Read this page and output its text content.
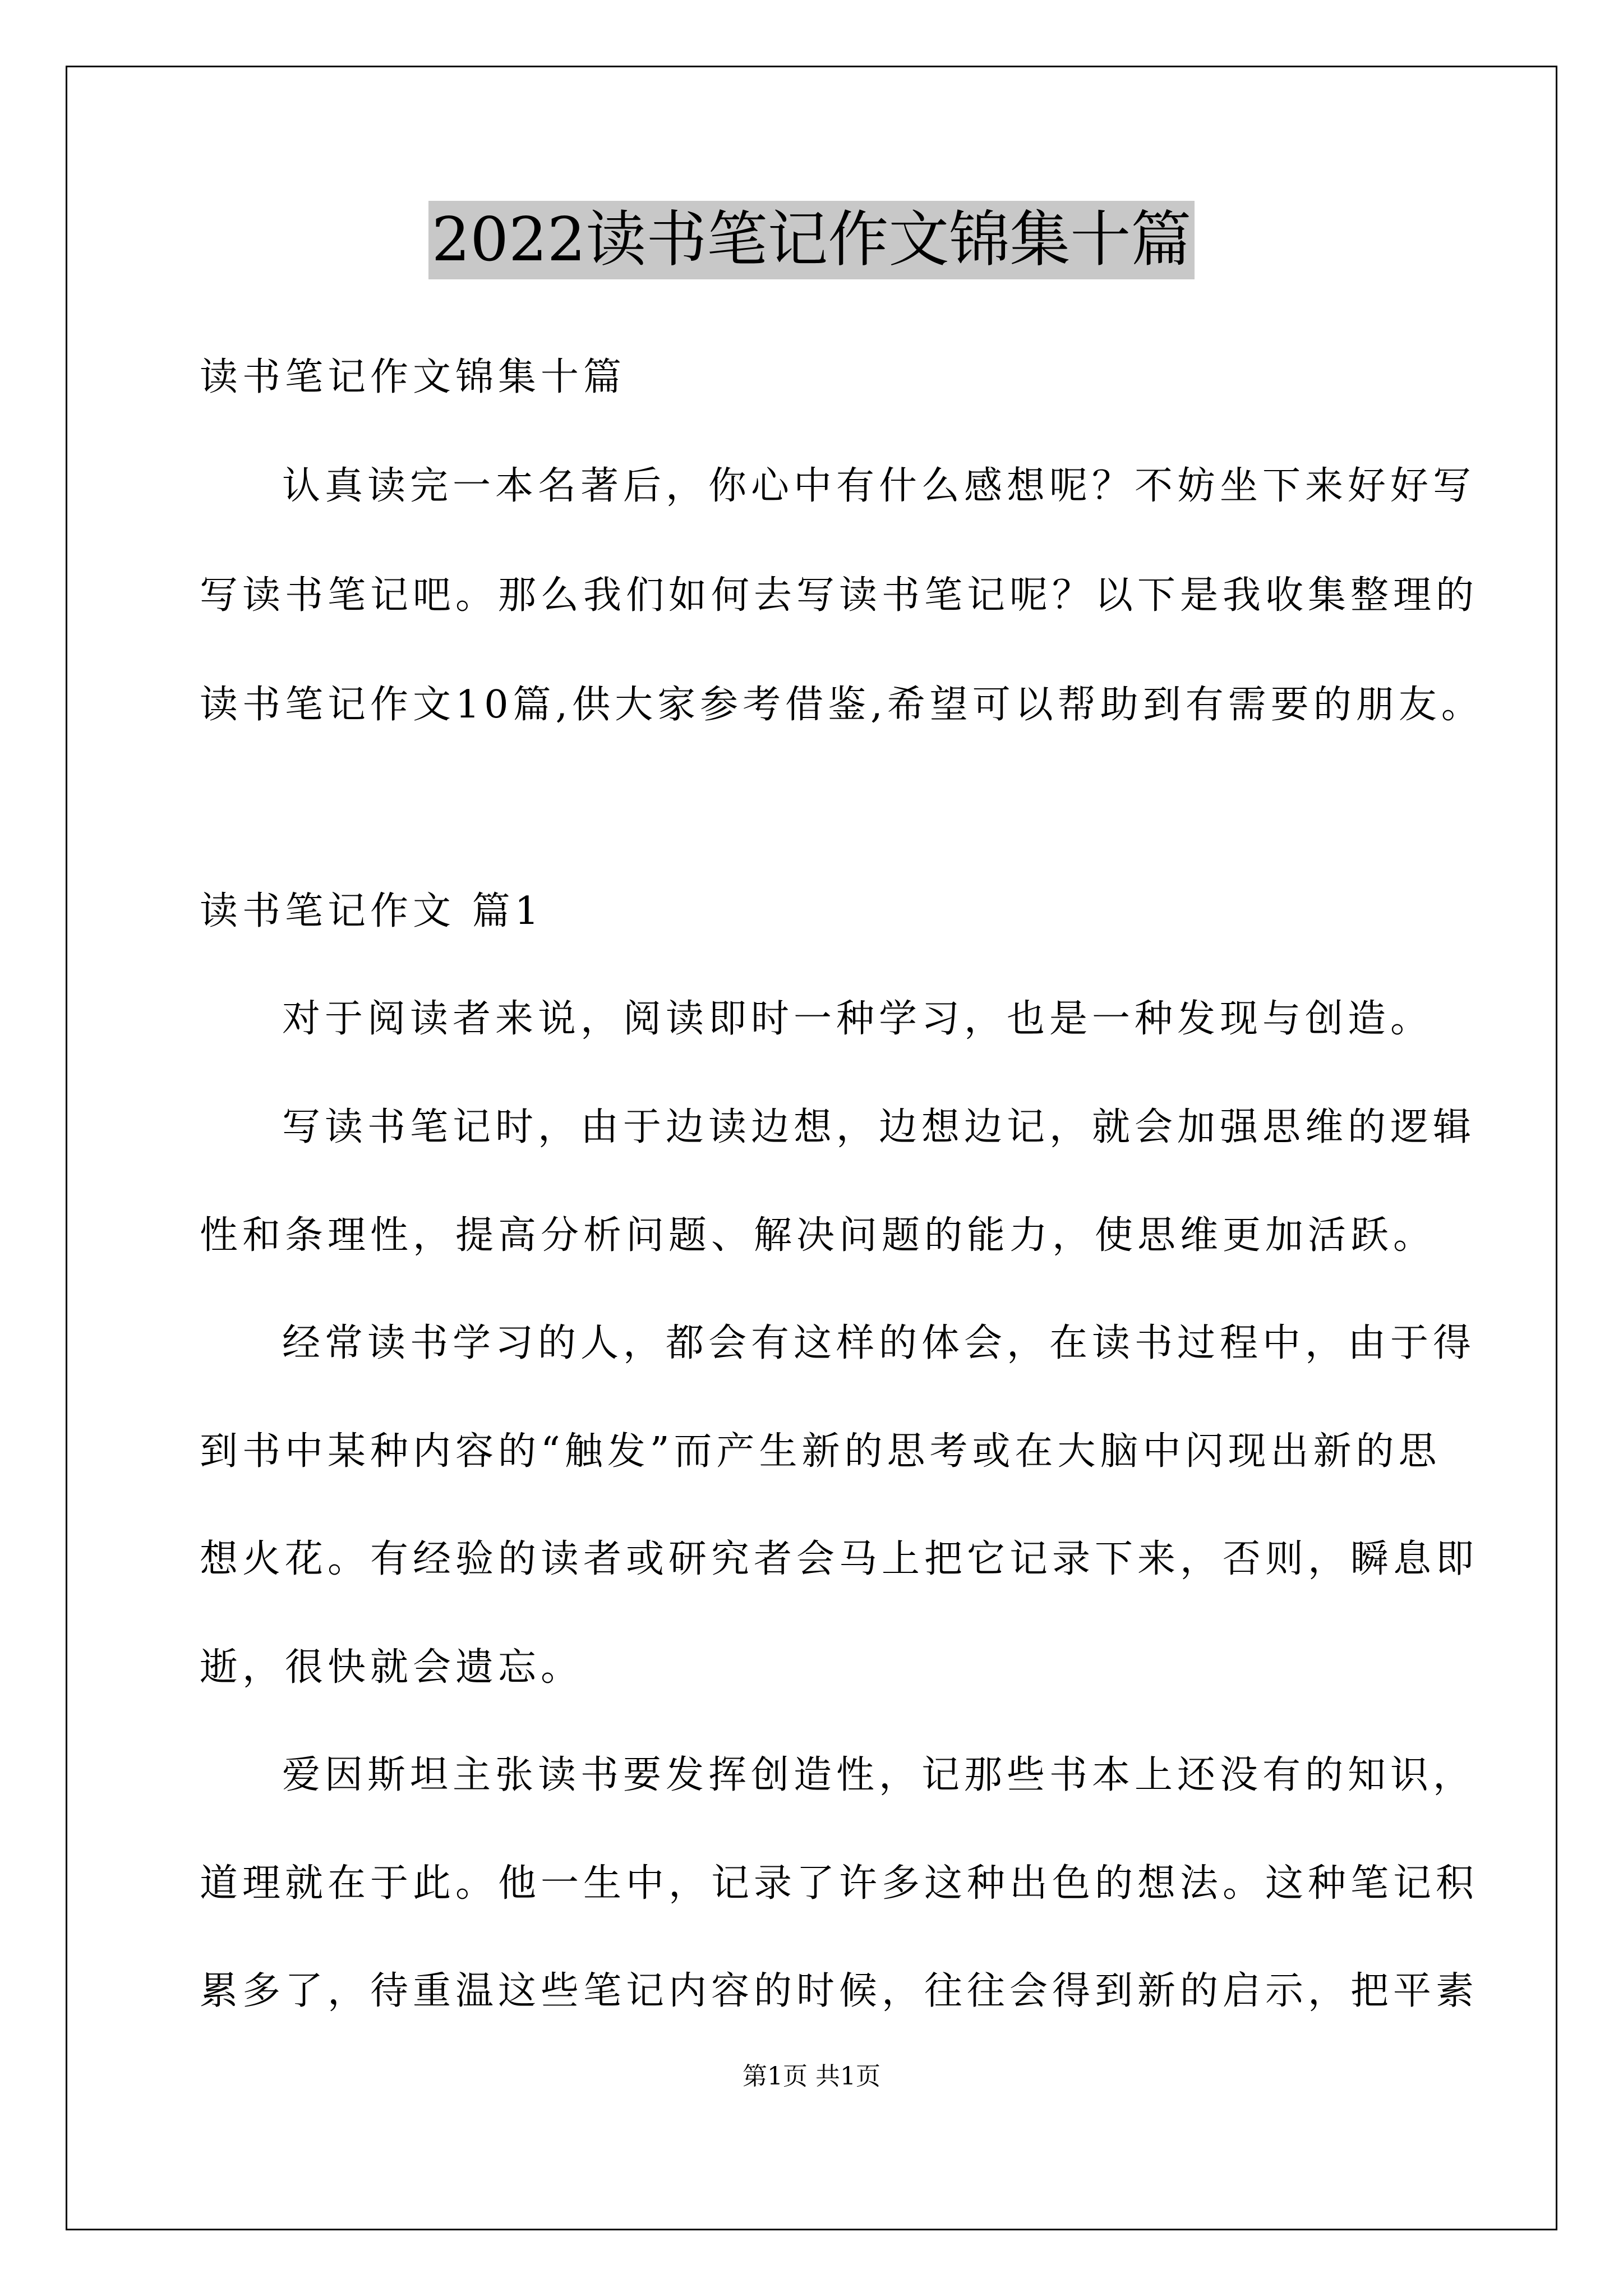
2022读书笔记作文锦集十篇
读书笔记作文锦集十篇
认真读完一本名著后，你心中有什么感想呢？不妨坐下来好好写
写读书笔记吧。那么我们如何去写读书笔记呢？以下是我收集整理的
读书笔记作文10篇,供大家参考借鉴,希望可以帮助到有需要的朋友。
读书笔记作文 篇1
对于阅读者来说，阅读即时一种学习，也是一种发现与创造。
写读书笔记时，由于边读边想，边想边记，就会加强思维的逻辑
性和条理性，提高分析问题、解决问题的能力，使思维更加活跃。
经常读书学习的人，都会有这样的体会，在读书过程中，由于得
到书中某种内容的“触发”而产生新的思考或在大脑中闪现出新的思
想火花。有经验的读者或研究者会马上把它记录下来，否则，瞬息即
逝，很快就会遗忘。
爱因斯坦主张读书要发挥创造性，记那些书本上还没有的知识，
道理就在于此。他一生中，记录了许多这种出色的想法。这种笔记积
累多了，待重温这些笔记内容的时候，往往会得到新的启示，把平素
第1页 共1页
